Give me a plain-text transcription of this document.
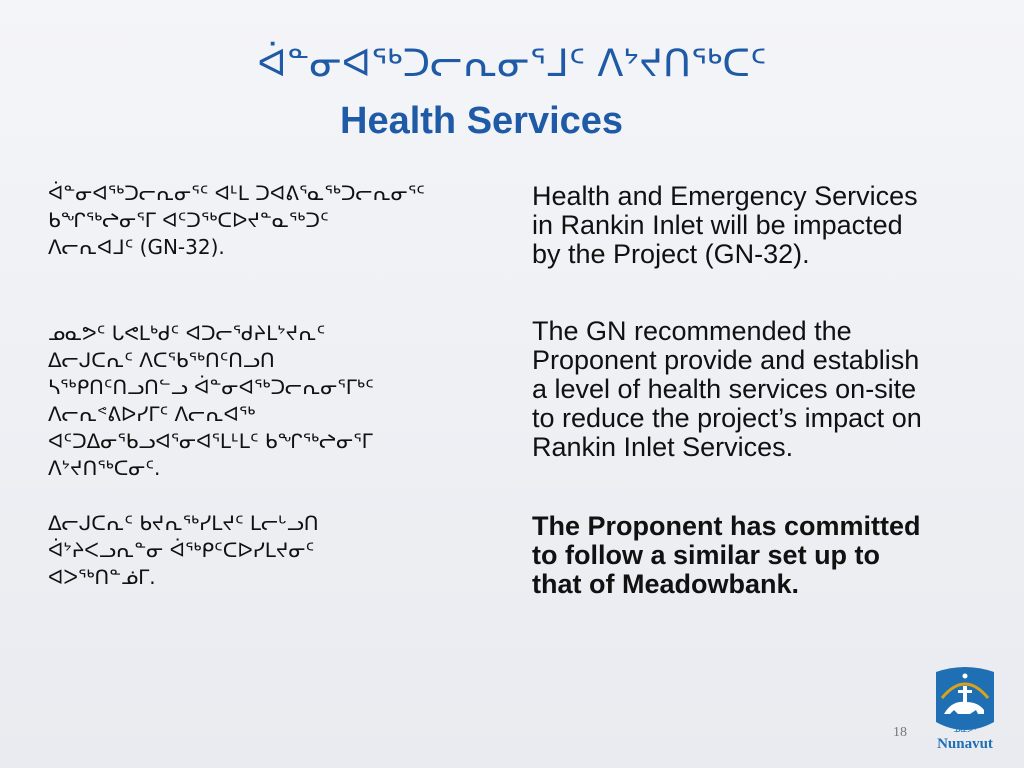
ᐋᓐᓂᐊᖅᑐᓕᕆᓂᕐᒧᑦ ᐱᔾᔪᑎᖅᑕᑦ
Health Services

ᐋᓐᓂᐊᖅᑐᓕᕆᓂᕐᑦ ᐊᒻᒪ ᑐᐊᕕᕐᓇᖅᑐᓕᕆᓂᕐᑦ
ᑲᖏᖅᖠᓂᕐᒥ ᐊᑦᑐᖅᑕᐅᔪᓐᓇᖅᑐᑦ
ᐱᓕᕆᐊᒧᑦ (GN-32).

ᓄᓇᕗᑦ ᒐᕙᒪᒃᑯᑦ ᐊᑐᓕᖁᔨᒪᔾᔪᕆᑦ
ᐃᓕᒍᑕᕆᑦ ᐱᑕᕐᑲᖅᑎᑦᑎᓗᑎ
ᓴᖅᑭᑎᑦᑎᓗᑎᓪᓗ ᐋᓐᓂᐊᖅᑐᓕᕆᓂᕐᒥᒃᑦ
ᐱᓕᕆᕝᕕᐅᓯᒥᑦ ᐱᓕᕆᐊᖅ
ᐊᑦᑐᐃᓂᖃᓗᐊᕐᓂᐊᕐᒪᒻᒪᑦ ᑲᖏᖅᖠᓂᕐᒥ
ᐱᔾᔪᑎᖅᑕᓂᑦ.

ᐃᓕᒍᑕᕆᑦ ᑲᔪᕆᖅᓯᒪᔪᑦ ᒪᓕᒡᓗᑎ
ᐋᔾᔨᐸᓗᕆᓐᓂ ᐋᖅᑭᑦᑕᐅᓯᒪᔪᓂᑦ
ᐊᐳᖅᑎᓐᓅᒥ.

Health and Emergency Services
in Rankin Inlet will be impacted
by the Project (GN-32).

The GN recommended the
Proponent provide and establish
a level of health services on-site
to reduce the project’s impact on
Rankin Inlet Services.

The Proponent has committed
to follow a similar set up to
that of Meadowbank.

18	ᓄᓇᕗᑦ
Nunavut
